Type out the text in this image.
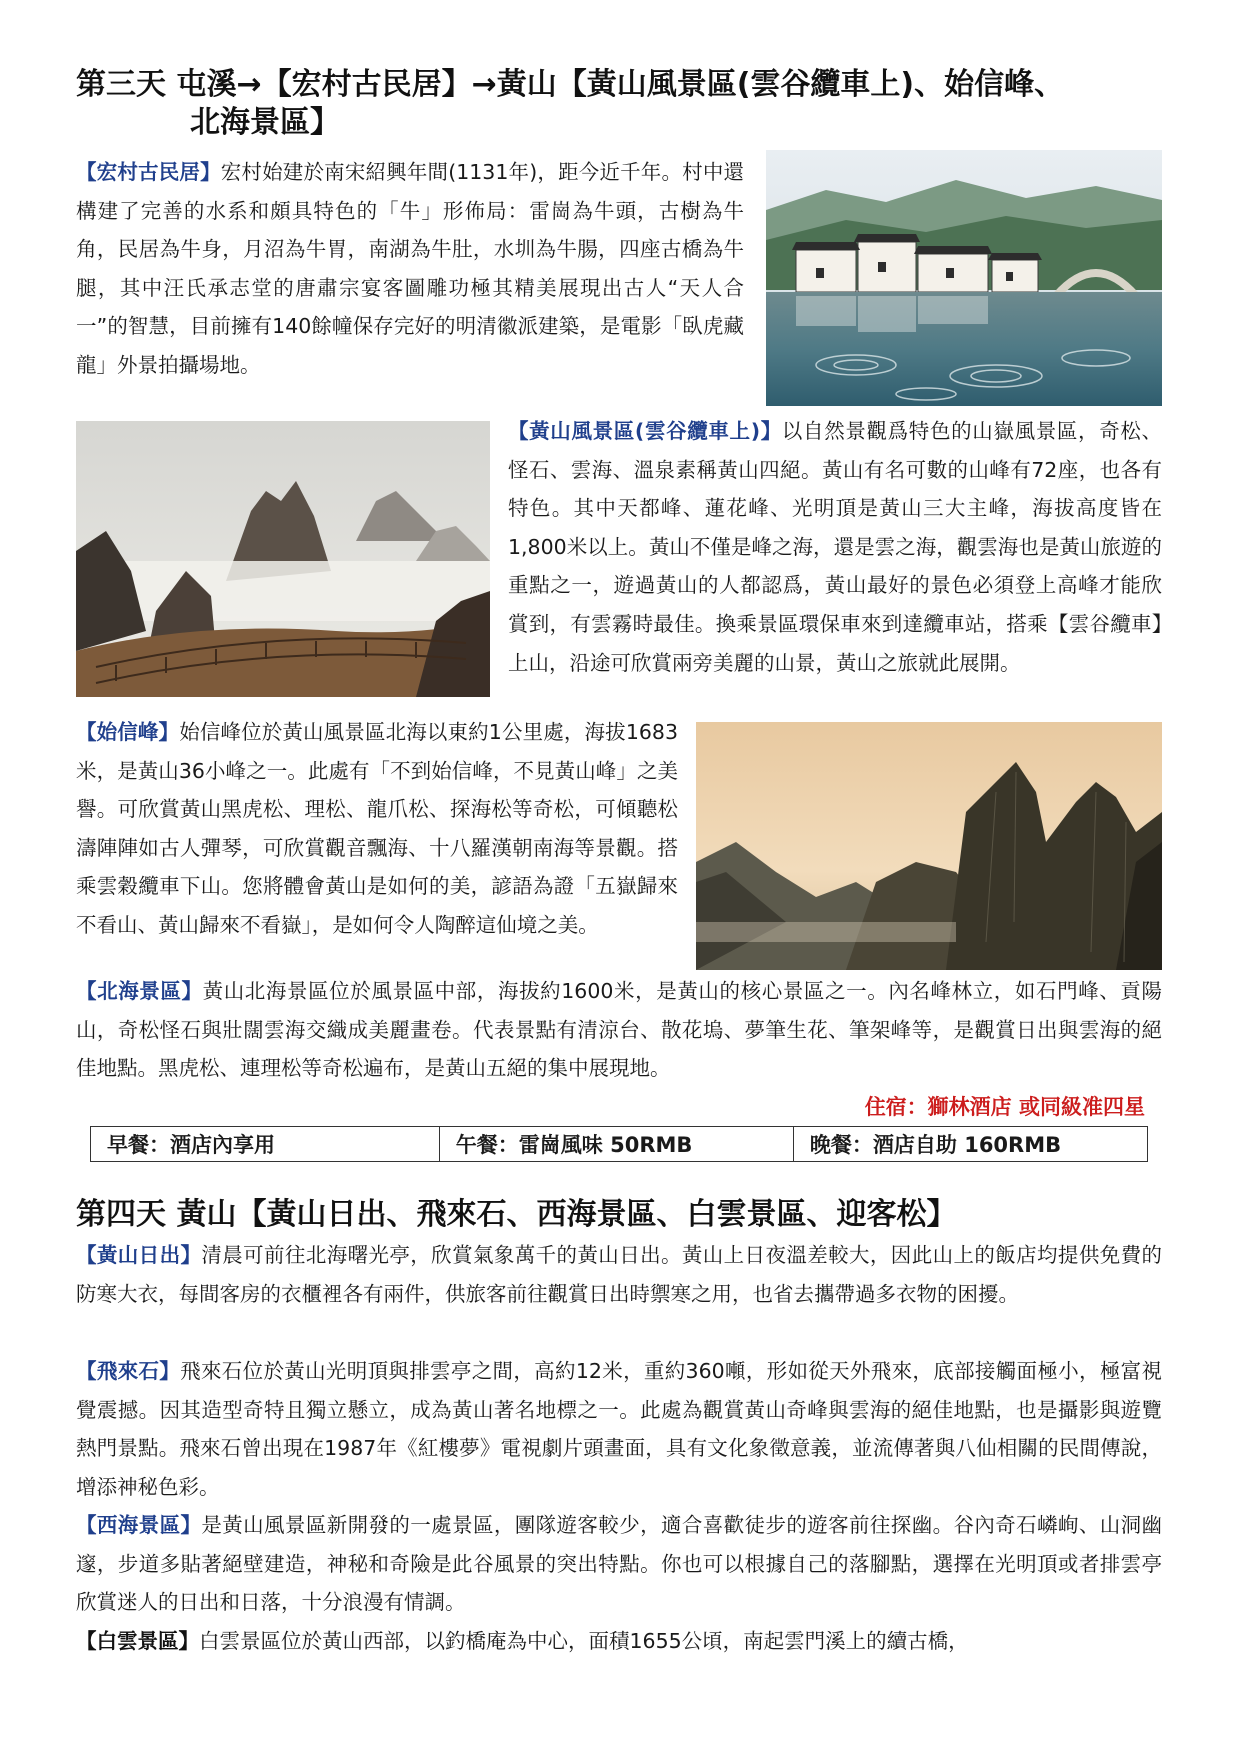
第三天 屯溪→【宏村古民居】→黃山【黃山風景區(雲谷纜車上)、始信峰、
北海景區】

【宏村古民居】宏村始建於南宋紹興年間(1131年)，距今近千年。村中還構建了完善的水系和頗具特色的「牛」形佈局：雷崗為牛頭，古樹為牛角，民居為牛身，月沼為牛胃，南湖為牛肚，水圳為牛腸，四座古橋為牛腿，其中汪氏承志堂的唐肅宗宴客圖雕功極其精美展現出古人“天人合一”的智慧，目前擁有140餘幢保存完好的明清徽派建築，是電影「臥虎藏龍」外景拍攝場地。

【黃山風景區(雲谷纜車上)】以自然景觀爲特色的山嶽風景區，奇松、怪石、雲海、溫泉素稱黃山四絕。黃山有名可數的山峰有72座，也各有特色。其中天都峰、蓮花峰、光明頂是黃山三大主峰，海拔高度皆在1,800米以上。黃山不僅是峰之海，還是雲之海，觀雲海也是黃山旅遊的重點之一，遊過黃山的人都認爲，黃山最好的景色必須登上高峰才能欣賞到，有雲霧時最佳。換乘景區環保車來到達纜車站，搭乘【雲谷纜車】上山，沿途可欣賞兩旁美麗的山景，黃山之旅就此展開。

【始信峰】始信峰位於黃山風景區北海以東約1公里處，海拔1683米，是黃山36小峰之一。此處有「不到始信峰，不見黃山峰」之美譽。可欣賞黃山黑虎松、理松、龍爪松、探海松等奇松，可傾聽松濤陣陣如古人彈琴，可欣賞觀音飄海、十八羅漢朝南海等景觀。搭乘雲穀纜車下山。您將體會黃山是如何的美，諺語為證「五嶽歸來不看山、黃山歸來不看嶽」，是如何令人陶醉這仙境之美。

【北海景區】黃山北海景區位於風景區中部，海拔約1600米，是黃山的核心景區之一。內名峰林立，如石門峰、貢陽山，奇松怪石與壯闊雲海交織成美麗畫卷。代表景點有清涼台、散花塢、夢筆生花、筆架峰等，是觀賞日出與雲海的絕佳地點。黑虎松、連理松等奇松遍布，是黃山五絕的集中展現地。

住宿：獅林酒店 或同級准四星

早餐：酒店內享用	午餐：雷崗風味 50RMB	晚餐：酒店自助 160RMB
第四天 黃山【黃山日出、飛來石、西海景區、白雲景區、迎客松】

【黃山日出】清晨可前往北海曙光亭，欣賞氣象萬千的黃山日出。黃山上日夜溫差較大，因此山上的飯店均提供免費的防寒大衣，每間客房的衣櫃裡各有兩件，供旅客前往觀賞日出時禦寒之用，也省去攜帶過多衣物的困擾。

【飛來石】飛來石位於黃山光明頂與排雲亭之間，高約12米，重約360噸，形如從天外飛來，底部接觸面極小，極富視覺震撼。因其造型奇特且獨立懸立，成為黃山著名地標之一。此處為觀賞黃山奇峰與雲海的絕佳地點，也是攝影與遊覽熱門景點。飛來石曾出現在1987年《紅樓夢》電視劇片頭畫面，具有文化象徵意義，並流傳著與八仙相關的民間傳說，增添神秘色彩。

【西海景區】是黃山風景區新開發的一處景區，團隊遊客較少，適合喜歡徒步的遊客前往探幽。谷內奇石嶙峋、山洞幽邃，步道多貼著絕壁建造，神秘和奇險是此谷風景的突出特點。你也可以根據自己的落腳點，選擇在光明頂或者排雲亭欣賞迷人的日出和日落，十分浪漫有情調。

【白雲景區】白雲景區位於黃山西部，以釣橋庵為中心，面積1655公頃，南起雲門溪上的續古橋，
